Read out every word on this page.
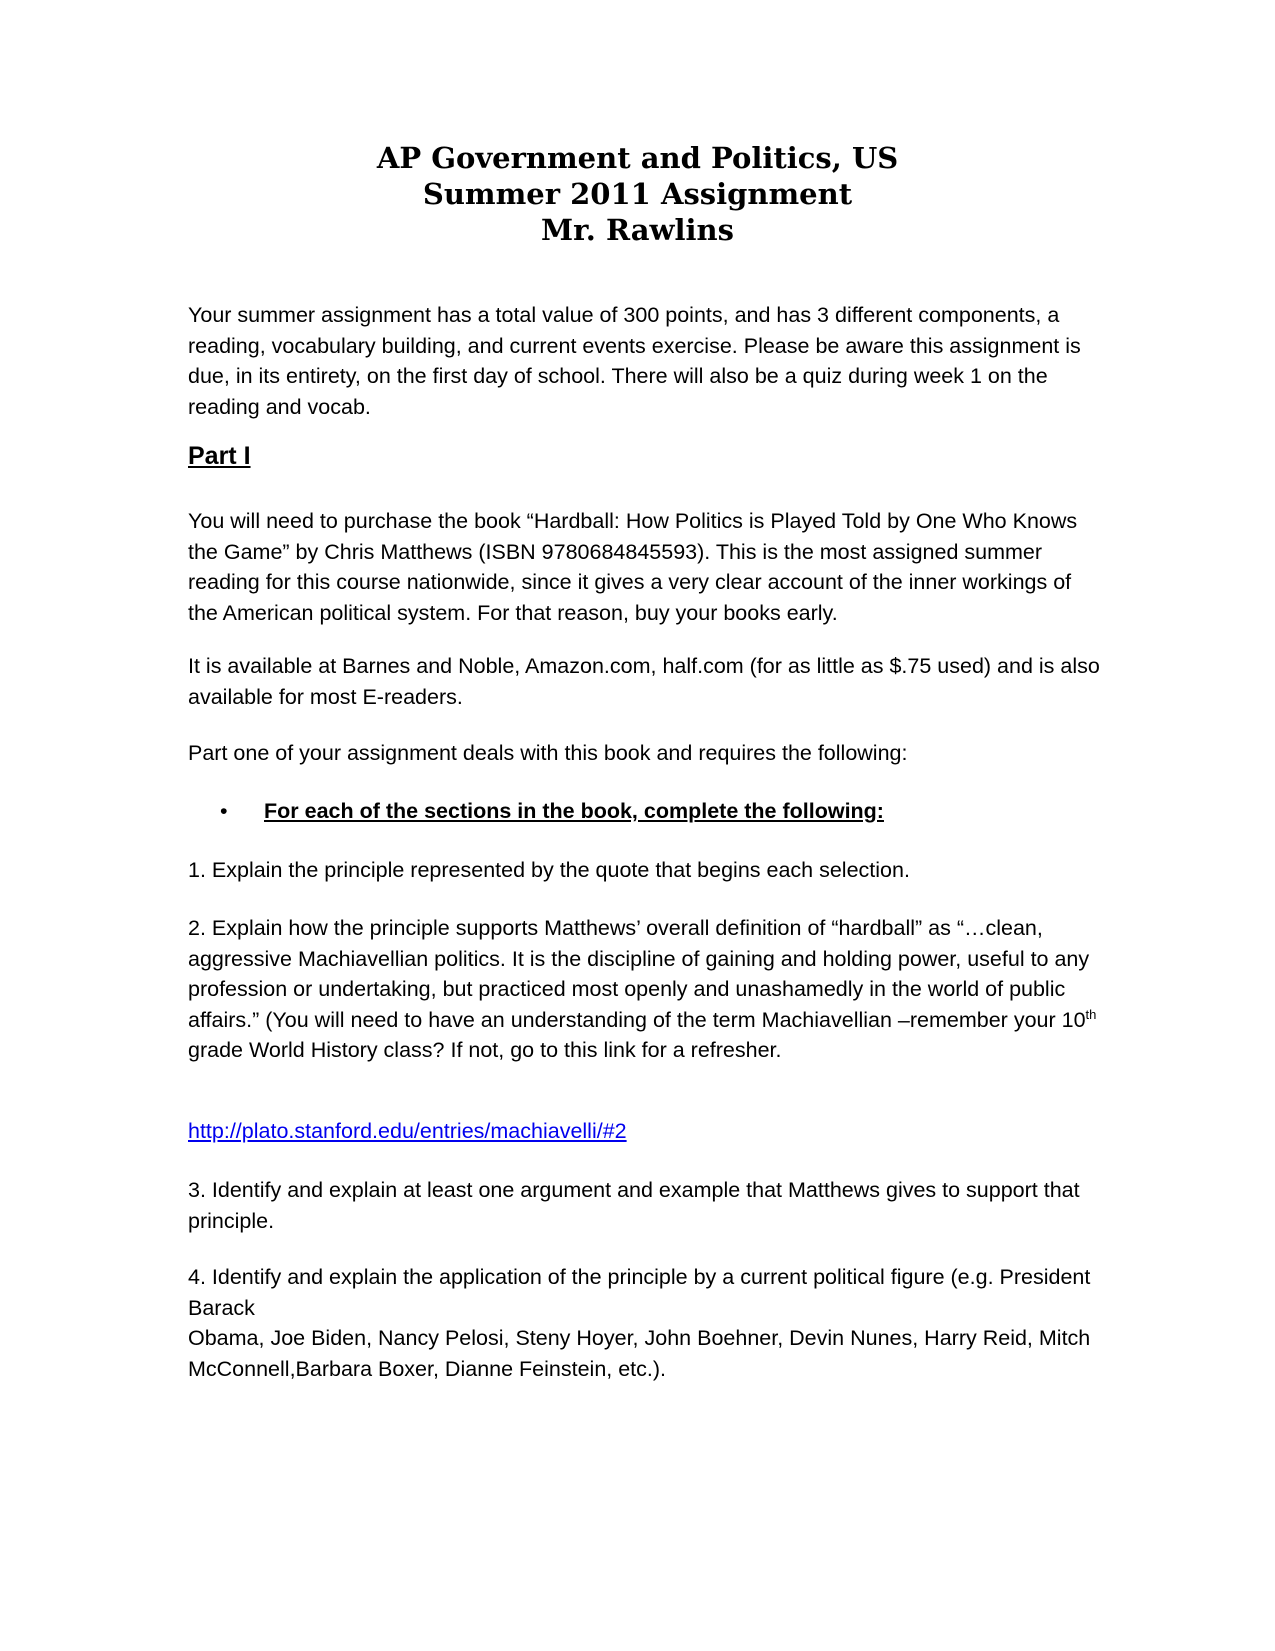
AP Government and Politics, US
Summer 2011 Assignment
Mr. Rawlins

Your summer assignment has a total value of 300 points, and has 3 different components, a reading, vocabulary building, and current events exercise. Please be aware this assignment is due, in its entirety, on the first day of school. There will also be a quiz during week 1 on the reading and vocab.

Part I

You will need to purchase the book “Hardball: How Politics is Played Told by One Who Knows the Game” by Chris Matthews (ISBN 9780684845593). This is the most assigned summer reading for this course nationwide, since it gives a very clear account of the inner workings of the American political system. For that reason, buy your books early.

It is available at Barnes and Noble, Amazon.com, half.com (for as little as $.75 used) and is also available for most E-readers.

Part one of your assignment deals with this book and requires the following:

• For each of the sections in the book, complete the following:

1. Explain the principle represented by the quote that begins each selection.

2. Explain how the principle supports Matthews’ overall definition of “hardball” as “…clean, aggressive Machiavellian politics. It is the discipline of gaining and holding power, useful to any profession or undertaking, but practiced most openly and unashamedly in the world of public affairs.” (You will need to have an understanding of the term Machiavellian –remember your 10th grade World History class? If not, go to this link for a refresher.

http://plato.stanford.edu/entries/machiavelli/#2

3. Identify and explain at least one argument and example that Matthews gives to support that principle.

4. Identify and explain the application of the principle by a current political figure (e.g. President Barack
Obama, Joe Biden, Nancy Pelosi, Steny Hoyer, John Boehner, Devin Nunes, Harry Reid, Mitch McConnell,Barbara Boxer, Dianne Feinstein, etc.).
